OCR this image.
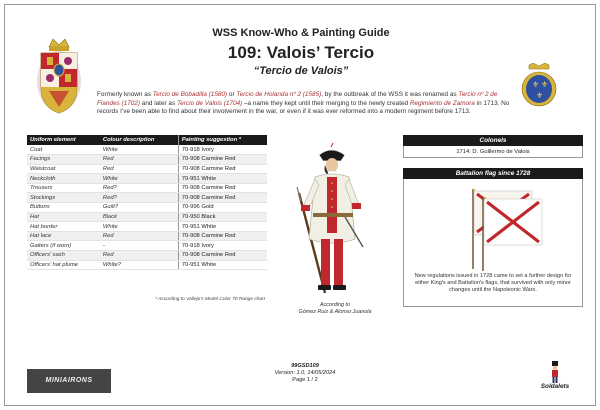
WSS Know-Who & Painting Guide
109: Valois’ Tercio
“Tercio de Valois”
⚜ ⚜
⚜

Formerly known as Tercio de Bobadilla (1580) or Tercio de Holanda nº 2 (1585), by the outbreak of the WSS it was renamed as Tercio nº 2 de Flandes (1702) and later as Tercio de Valois (1704) –a name they kept until their merging to the newly created Regimiento de Zamora in 1713. No records I’ve been able to find about their involvement in the war, or even if it was ever reformed into a modern regiment before 1713.

Uniform element	Colour description	Painting suggestion *
Coat	White	70-918 Ivory
Facings	Red	70-908 Carmine Red
Waistcoat	Red	70-908 Carmine Red
Neckcloth	White	70-951 White
Trousers	Red?	70-908 Carmine Red
Stockings	Red?	70-908 Carmine Red
Buttons	Guilt?	70-996 Gold
Hat	Black	70-950 Black
Hat border	White	70-951 White
Hat lace	Red	70-908 Carmine Red
Gaiters (if worn)	-	70-918 Ivory
Officers’ sash	Red	70-908 Carmine Red
Officers’ hat plume	White?	70-951 White
* According to Vallejo's Model Color 70 Range chart
According to
Gómez Ruiz & Alonso Juanola
Colonels
1714: D. Guillermo de Valois
Battalion flag since 1728
New regulations issued in 1728 came to set a further design for either King's and Battalion's flags, that survived with only minor changes until the Napoleonic Wars.
MINIAIRONS
99GSD109
Version: 1.0, 14/05/2024
Page 1 / 2
Soldalets
